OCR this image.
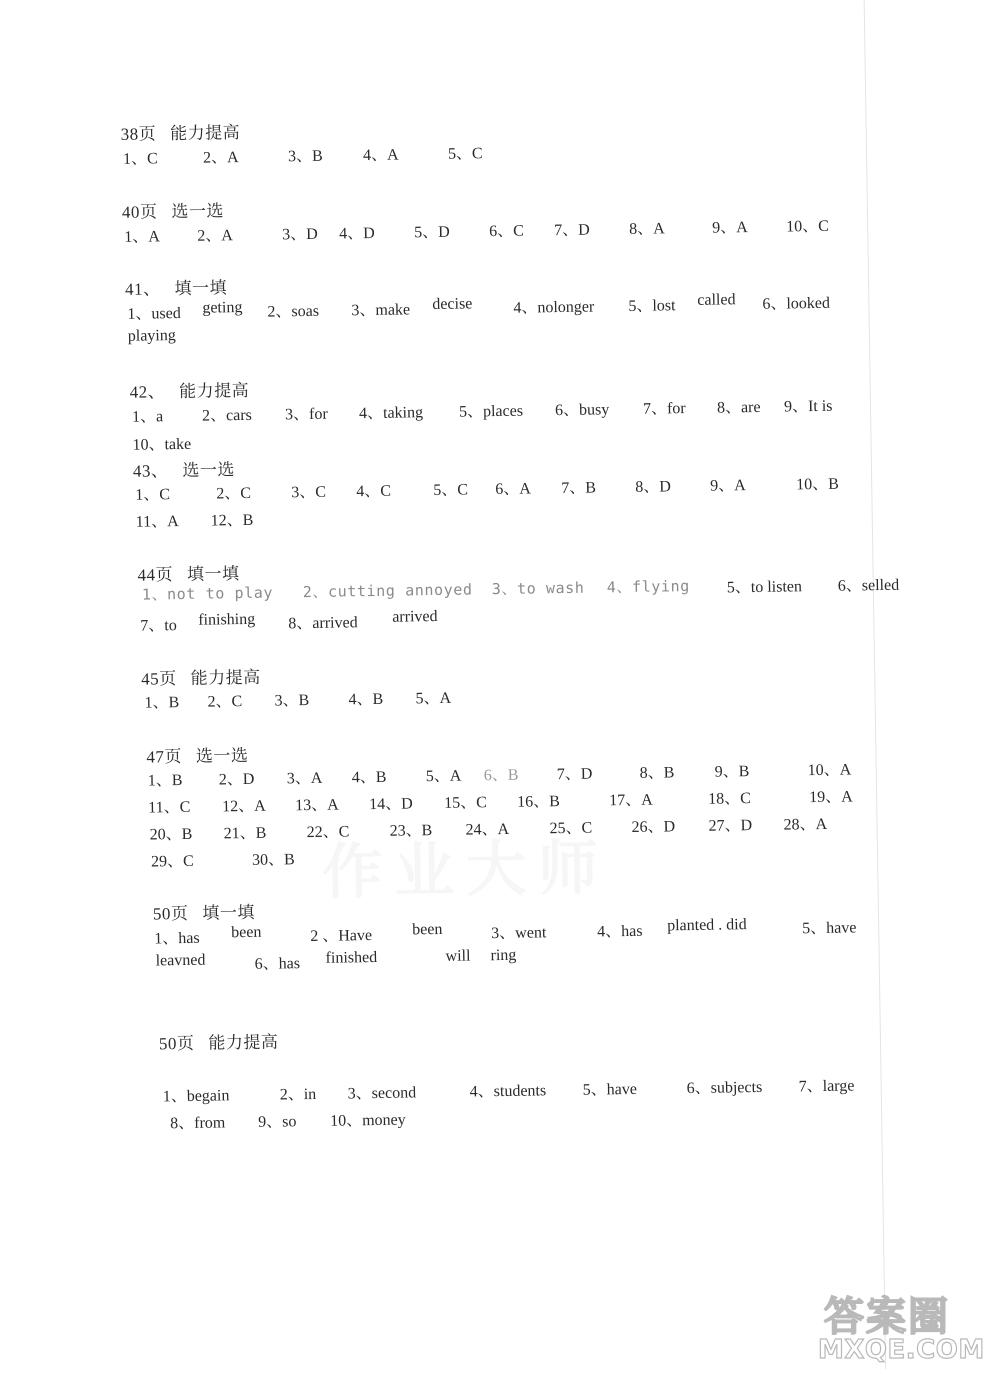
38页 能力提高
1、C	2、A	3、B	4、A	5、C
40页 选一选
1、A 2、A	3、D 4、D 5、D 6、C 7、D 8、A	9、A 10、C
41、 填一填
1、used geting 2、soas 3、make decise	4、nolonger 5、lost called 6、looked
playing
42、 能力提高
1、a 2、cars 3、for 4、taking 5、places 6、busy 7、for 8、are 9、It is
10、take
43、 选一选
1、C	2、C	3、C 4、C	5、C 6、A 7、B 8、D 9、A	10、B
11、A 12、B
44页 填一填
1、not to play 2、cutting annoyed 3、to wash 4、flying 5、to listen 6、selled
7、to finishing 8、arrived arrived
45页 能力提高
1、B 2、C 3、B 4、B 5、A
47页 选一选
1、B 2、D 3、A 4、B 5、A 6、B 7、D	8、B	9、B	10、A
11、C 12、A 13、A 14、D 15、C 16、B	17、A	18、C	19、A
20、B 21、B	22、C	23、B 24、A	25、C 26、D 27、D 28、A
29、C	30、B
50页 填一填
1、has been	2 、Have been	3、went	4、has planted . did	5、have
leavned	6、has finished	will ring
50页 能力提高
1、begain	2、in 3、second	4、students 5、have	6、subjects 7、large
8、from 9、so 10、money
答案圈
MXQE.COM
